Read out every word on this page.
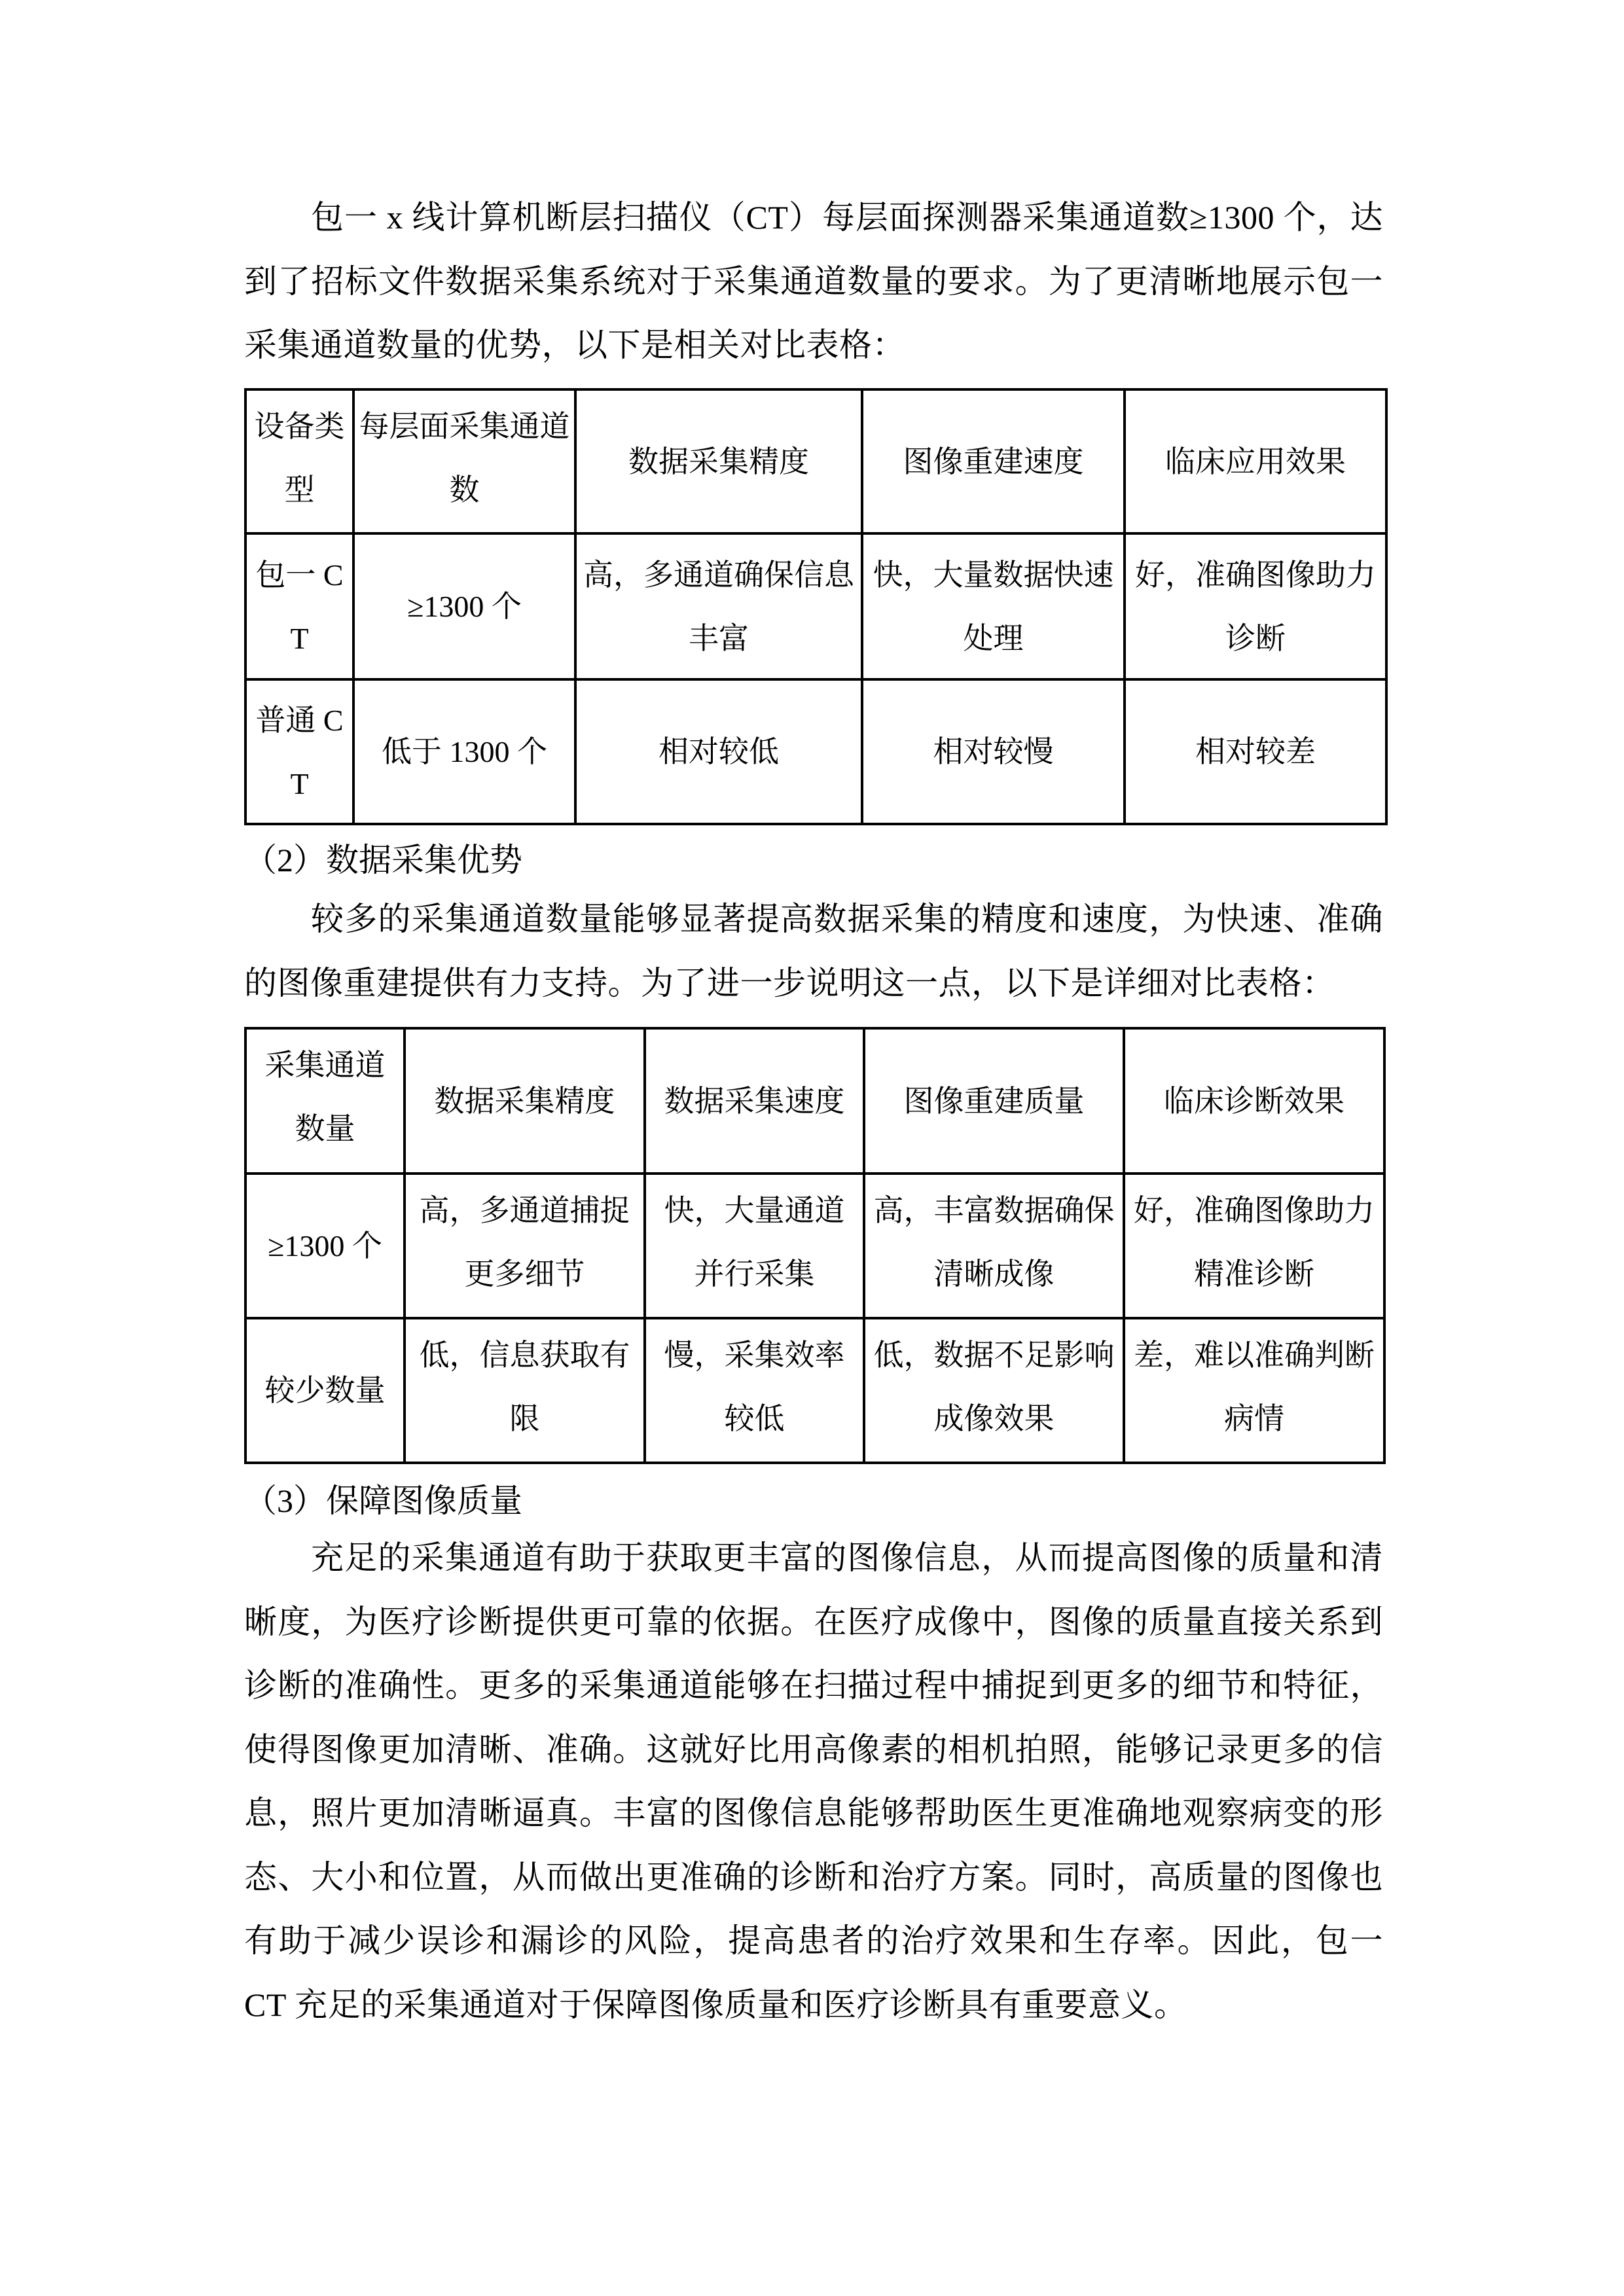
包一 x 线计算机断层扫描仪（CT）每层面探测器采集通道数≥1300 个，达到了招标文件数据采集系统对于采集通道数量的要求。为了更清晰地展示包一采集通道数量的优势，以下是相关对比表格：

设备类型	每层面采集通道数	数据采集精度	图像重建速度	临床应用效果
包一 CT	≥1300 个	高，多通道确保信息丰富	快，大量数据快速处理	好，准确图像助力诊断
普通 CT	低于 1300 个	相对较低	相对较慢	相对较差

（2）数据采集优势

较多的采集通道数量能够显著提高数据采集的精度和速度，为快速、准确的图像重建提供有力支持。为了进一步说明这一点，以下是详细对比表格：

采集通道数量	数据采集精度	数据采集速度	图像重建质量	临床诊断效果
≥1300 个	高，多通道捕捉更多细节	快，大量通道并行采集	高，丰富数据确保清晰成像	好，准确图像助力精准诊断
较少数量	低，信息获取有限	慢，采集效率较低	低，数据不足影响成像效果	差，难以准确判断病情

（3）保障图像质量

充足的采集通道有助于获取更丰富的图像信息，从而提高图像的质量和清晰度，为医疗诊断提供更可靠的依据。在医疗成像中，图像的质量直接关系到诊断的准确性。更多的采集通道能够在扫描过程中捕捉到更多的细节和特征，使得图像更加清晰、准确。这就好比用高像素的相机拍照，能够记录更多的信息，照片更加清晰逼真。丰富的图像信息能够帮助医生更准确地观察病变的形态、大小和位置，从而做出更准确的诊断和治疗方案。同时，高质量的图像也有助于减少误诊和漏诊的风险，提高患者的治疗效果和生存率。因此，包一 CT 充足的采集通道对于保障图像质量和医疗诊断具有重要意义。
